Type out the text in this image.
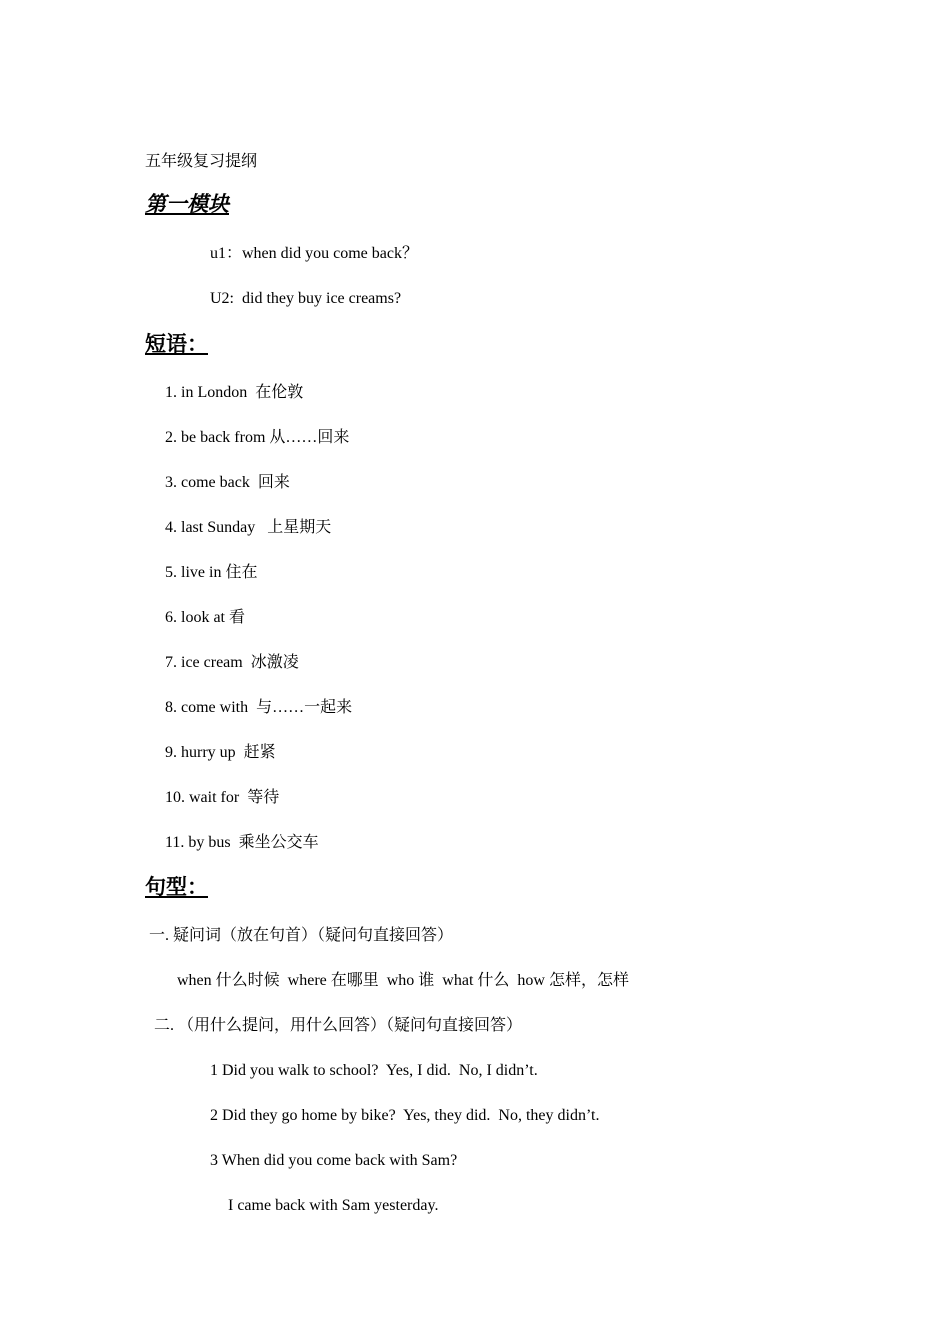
五年级复习提纲
第一模块
u1：when did you come back？
U2:  did they buy ice creams?
短语：
1. in London  在伦敦
2. be back from 从……回来
3. come back  回来
4. last Sunday   上星期天
5. live in 住在
6. look at 看
7. ice cream  冰激凌
8. come with  与……一起来
9. hurry up  赶紧
10. wait for  等待
11. by bus  乘坐公交车
句型：
一. 疑问词（放在句首）（疑问句直接回答）
when 什么时候  where 在哪里  who 谁  what 什么  how 怎样，怎样
二. （用什么提问，用什么回答）（疑问句直接回答）
1 Did you walk to school?  Yes, I did.  No, I didn’t.
2 Did they go home by bike?  Yes, they did.  No, they didn’t.
3 When did you come back with Sam?
I came back with Sam yesterday.
